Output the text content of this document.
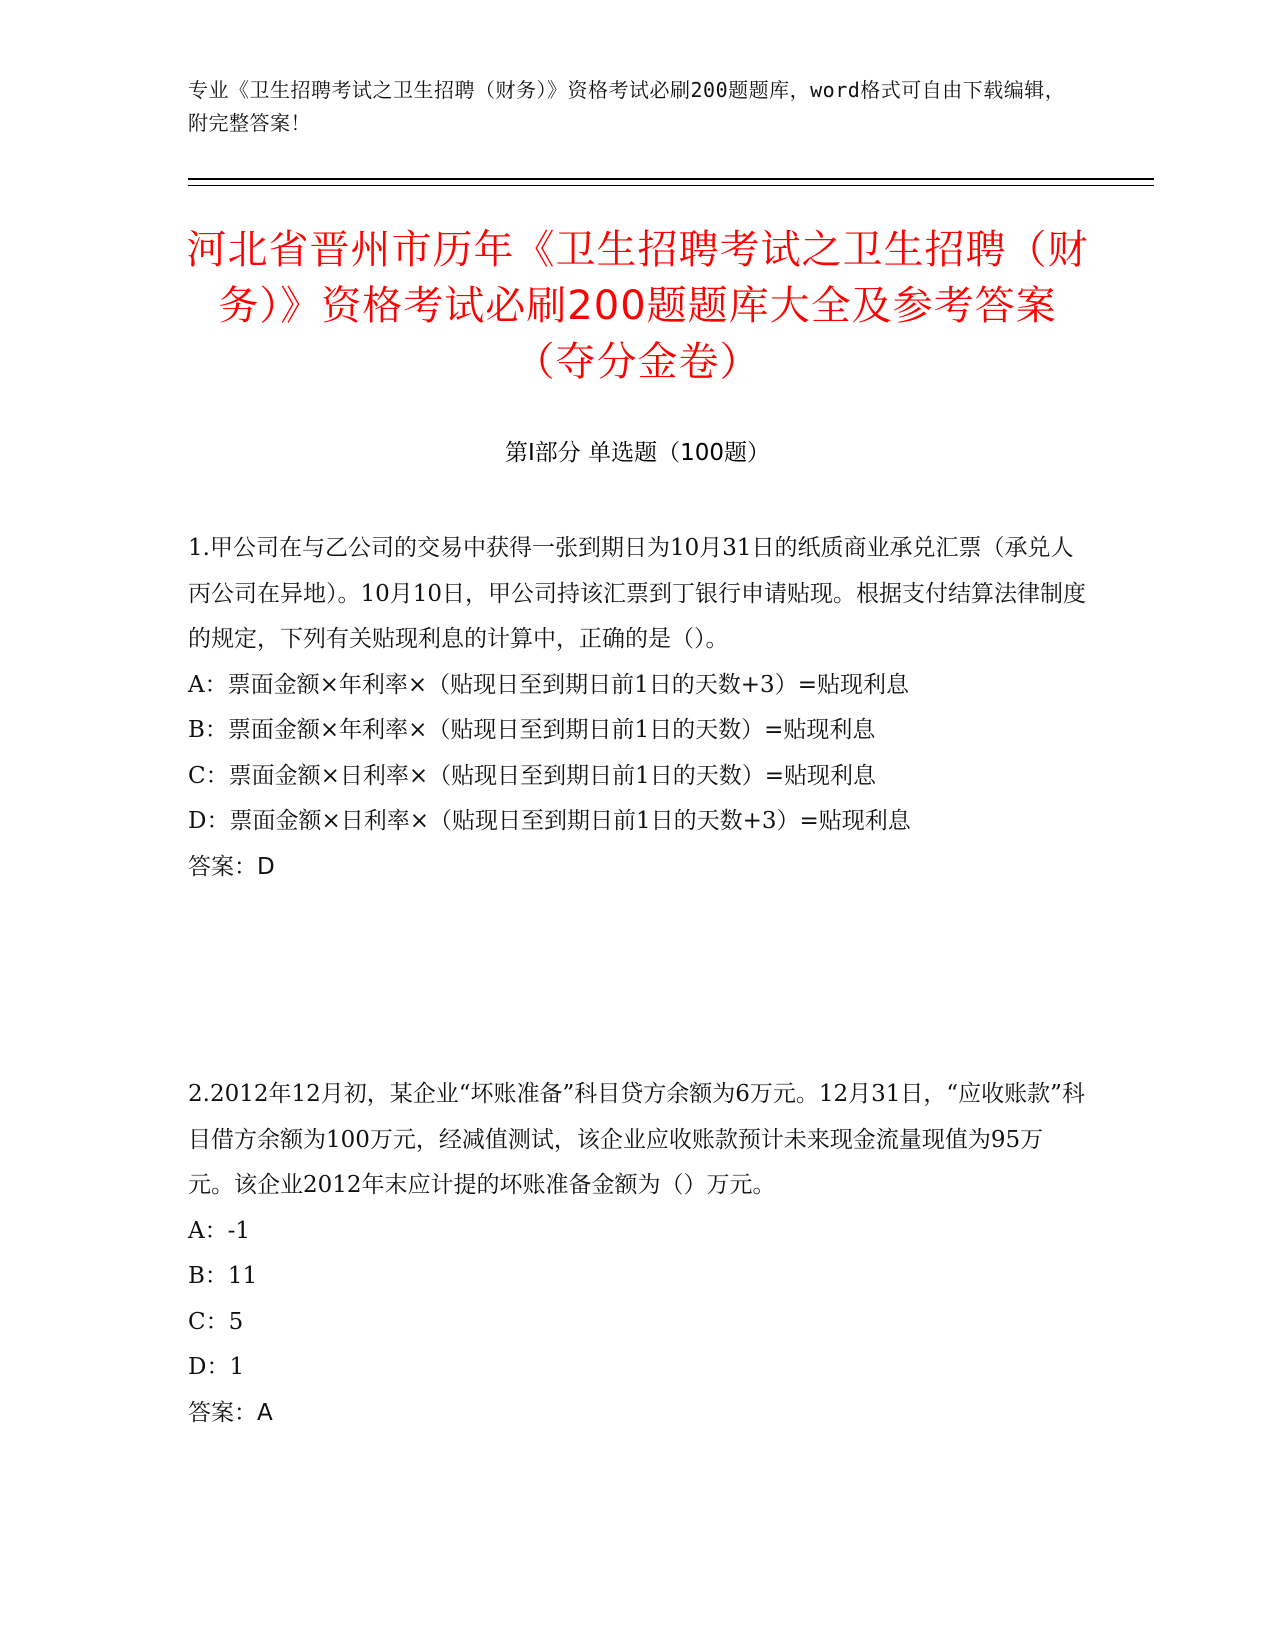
专业《卫生招聘考试之卫生招聘（财务）》资格考试必刷200题题库，word格式可自由下载编辑，附完整答案！
河北省晋州市历年《卫生招聘考试之卫生招聘（财务）》资格考试必刷200题题库大全及参考答案（夺分金卷）
第I部分 单选题（100题）

1.甲公司在与乙公司的交易中获得一张到期日为10月31日的纸质商业承兑汇票（承兑人丙公司在异地）。10月10日，甲公司持该汇票到丁银行申请贴现。根据支付结算法律制度的规定，下列有关贴现利息的计算中，正确的是（）。

A：票面金额×年利率×（贴现日至到期日前1日的天数+3）=贴现利息

B：票面金额×年利率×（贴现日至到期日前1日的天数）=贴现利息

C：票面金额×日利率×（贴现日至到期日前1日的天数）=贴现利息

D：票面金额×日利率×（贴现日至到期日前1日的天数+3）=贴现利息

答案：D

2.2012年12月初，某企业“坏账准备”科目贷方余额为6万元。12月31日，“应收账款”科目借方余额为100万元，经减值测试，该企业应收账款预计未来现金流量现值为95万元。该企业2012年末应计提的坏账准备金额为（）万元。

A：-1

B：11

C：5

D：1

答案：A
